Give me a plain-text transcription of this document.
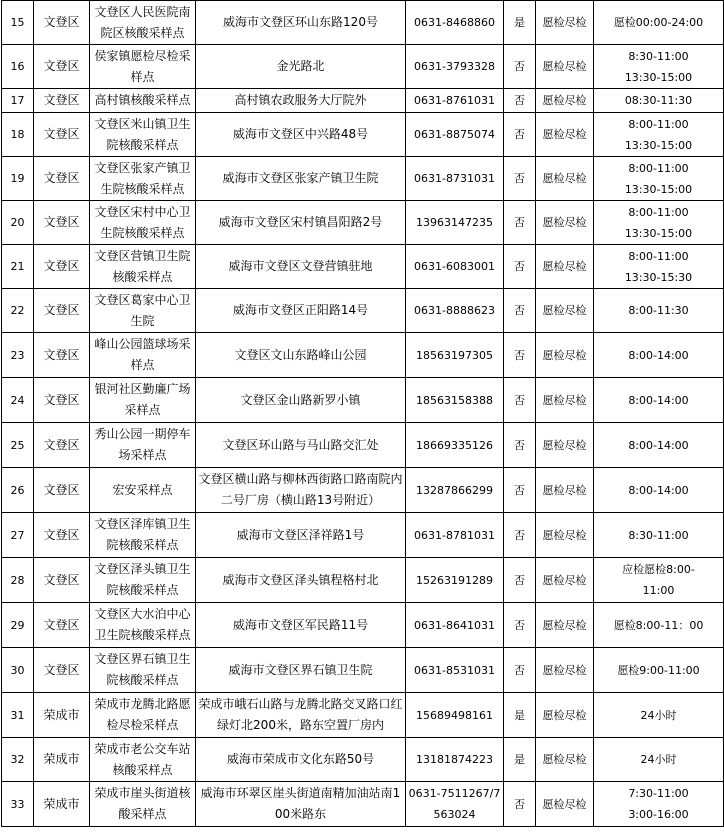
15	文登区	文登区人民医院南院区核酸采样点	威海市文登区环山东路120号	0631-8468860	是	愿检尽检	愿检00:00-24:00

16	文登区	侯家镇愿检尽检采样点	金光路北	0631-3793328	否	愿检尽检	8:30-11:00
13:30-15:00

17	文登区	高村镇核酸采样点	高村镇农政服务大厅院外	0631-8761031	否	愿检尽检	08:30-11:30

18	文登区	文登区米山镇卫生院核酸采样点	威海市文登区中兴路48号	0631-8875074	否	愿检尽检	8:00-11:00
13:30-15:00

19	文登区	文登区张家产镇卫生院核酸采样点	威海市文登区张家产镇卫生院	0631-8731031	否	愿检尽检	8:00-11:00
13:30-15:00

20	文登区	文登区宋村中心卫生院核酸采样点	威海市文登区宋村镇昌阳路2号	13963147235	否	愿检尽检	8:00-11:00
13:30-15:00

21	文登区	文登区营镇卫生院核酸采样点	威海市文登区文登营镇驻地	0631-6083001	否	愿检尽检	8:00-11:00
13:30-15:30

22	文登区	文登区葛家中心卫生院	威海市文登区正阳路14号	0631-8888623	否	愿检尽检	8:00-11:30

23	文登区	峰山公园篮球场采样点	文登区文山东路峰山公园	18563197305	否	愿检尽检	8:00-14:00

24	文登区	银河社区勤廉广场采样点	文登区金山路新罗小镇	18563158388	否	愿检尽检	8:00-14:00

25	文登区	秀山公园一期停车场采样点	文登区环山路与马山路交汇处	18669335126	否	愿检尽检	8:00-14:00

26	文登区	宏安采样点	文登区横山路与柳林西街路口路南院内二号厂房（横山路13号附近）	13287866299	否	愿检尽检	8:00-14:00

27	文登区	文登区泽库镇卫生院核酸采样点	威海市文登区泽祥路1号	0631-8781031	否	愿检尽检	8:30-11:00

28	文登区	文登区泽头镇卫生院核酸采样点	威海市文登区泽头镇程格村北	15263191289	否	愿检尽检	应检愿检8:00-
11:00

29	文登区	文登区大水泊中心卫生院核酸采样点	威海市文登区军民路11号	0631-8641031	否	愿检尽检	愿检8:00-11：00

30	文登区	文登区界石镇卫生院核酸采样点	威海市文登区界石镇卫生院	0631-8531031	否	愿检尽检	愿检9:00-11:00

31	荣成市	荣成市龙腾北路愿检尽检采样点	荣成市峨石山路与龙腾北路交叉路口红绿灯北200米，路东空置厂房内	15689498161	是	愿检尽检	24小时

32	荣成市	荣成市老公交车站核酸采样点	威海市荣成市文化东路50号	13181874223	是	愿检尽检	24小时

33	荣成市	荣成市崖头街道核酸采样点	威海市环翠区崖头街道南精加油站南100米路东	0631-7511267/7563024	否	愿检尽检	7:30-11:00
3:00-16:00
